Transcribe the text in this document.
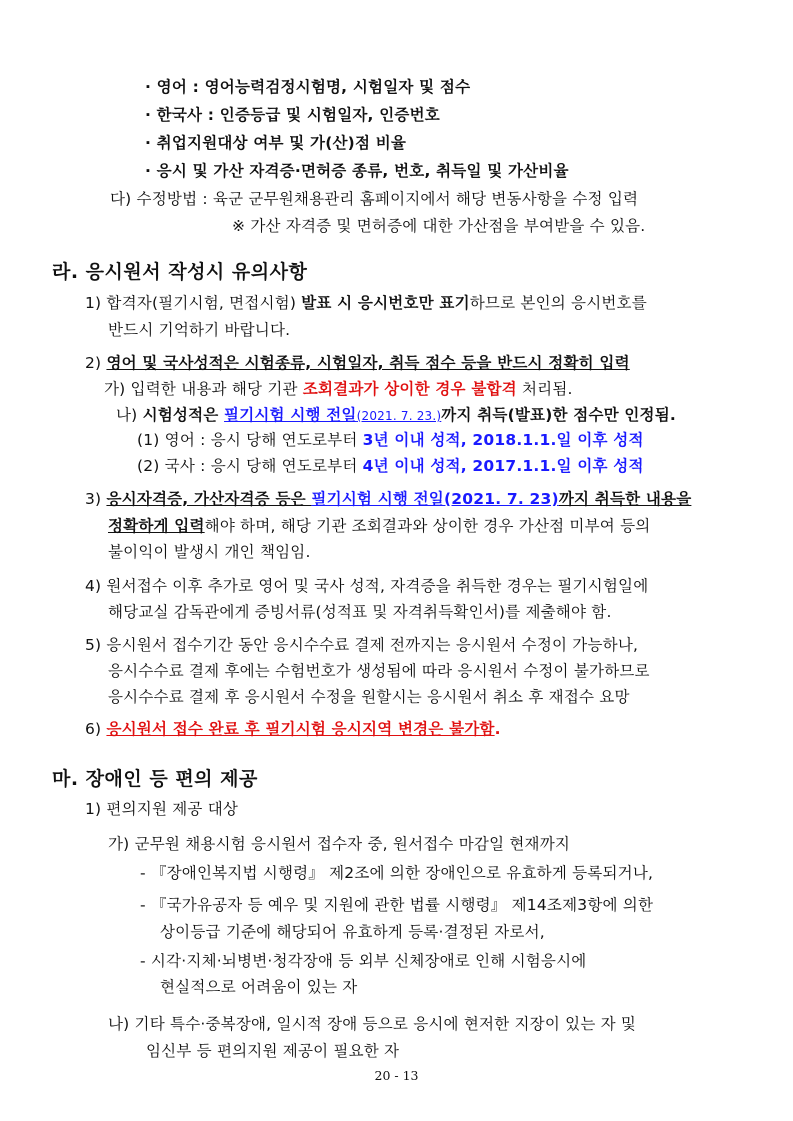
· 영어 : 영어능력검정시험명, 시험일자 및 점수
· 한국사 : 인증등급 및 시험일자, 인증번호
· 취업지원대상 여부 및 가(산)점 비율
· 응시 및 가산 자격증·면허증 종류, 번호, 취득일 및 가산비율
다) 수정방법 : 육군 군무원채용관리 홈페이지에서 해당 변동사항을 수정 입력
※ 가산 자격증 및 면허증에 대한 가산점을 부여받을 수 있음.
라. 응시원서 작성시 유의사항
1) 합격자(필기시험, 면접시험) 발표 시 응시번호만 표기하므로 본인의 응시번호를
반드시 기억하기 바랍니다.
2) 영어 및 국사성적은 시험종류, 시험일자, 취득 점수 등을 반드시 정확히 입력
가) 입력한 내용과 해당 기관 조회결과가 상이한 경우 불합격 처리됨.
나) 시험성적은 필기시험 시행 전일(2021. 7. 23.)까지 취득(발표)한 점수만 인정됨.
(1) 영어 : 응시 당해 연도로부터 3년 이내 성적, 2018.1.1.일 이후 성적
(2) 국사 : 응시 당해 연도로부터 4년 이내 성적, 2017.1.1.일 이후 성적
3) 응시자격증, 가산자격증 등은 필기시험 시행 전일(2021. 7. 23)까지 취득한 내용을
정확하게 입력해야 하며, 해당 기관 조회결과와 상이한 경우 가산점 미부여 등의
불이익이 발생시 개인 책임임.
4) 원서접수 이후 추가로 영어 및 국사 성적, 자격증을 취득한 경우는 필기시험일에
해당교실 감독관에게 증빙서류(성적표 및 자격취득확인서)를 제출해야 함.
5) 응시원서 접수기간 동안 응시수수료 결제 전까지는 응시원서 수정이 가능하나,
응시수수료 결제 후에는 수험번호가 생성됨에 따라 응시원서 수정이 불가하므로
응시수수료 결제 후 응시원서 수정을 원할시는 응시원서 취소 후 재접수 요망
6) 응시원서 접수 완료 후 필기시험 응시지역 변경은 불가함.
마. 장애인 등 편의 제공
1) 편의지원 제공 대상
가) 군무원 채용시험 응시원서 접수자 중, 원서접수 마감일 현재까지
- 『장애인복지법 시행령』 제2조에 의한 장애인으로 유효하게 등록되거나,
- 『국가유공자 등 예우 및 지원에 관한 법률 시행령』 제14조제3항에 의한
상이등급 기준에 해당되어 유효하게 등록·결정된 자로서,
- 시각·지체·뇌병변·청각장애 등 외부 신체장애로 인해 시험응시에
현실적으로 어려움이 있는 자
나) 기타 특수·중복장애, 일시적 장애 등으로 응시에 현저한 지장이 있는 자 및
임신부 등 편의지원 제공이 필요한 자
20 - 13
